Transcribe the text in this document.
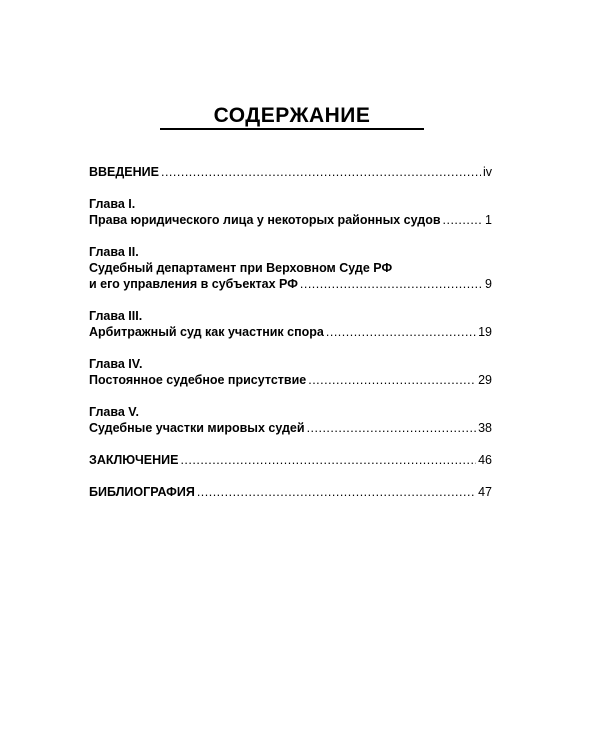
СОДЕРЖАНИЕ
ВВЕДЕНИЕ .....	iv
Глава I.
Права юридического лица у некоторых районных судов .....	1
Глава II.
Судебный департамент при Верховном Суде РФ
и его управления в субъектах РФ .....	9
Глава III.
Арбитражный суд как участник спора .....	19
Глава IV.
Постоянное судебное присутствие .....	29
Глава V.
Судебные участки мировых судей .....	38
ЗАКЛЮЧЕНИЕ .....	46
БИБЛИОГРАФИЯ .....	47
